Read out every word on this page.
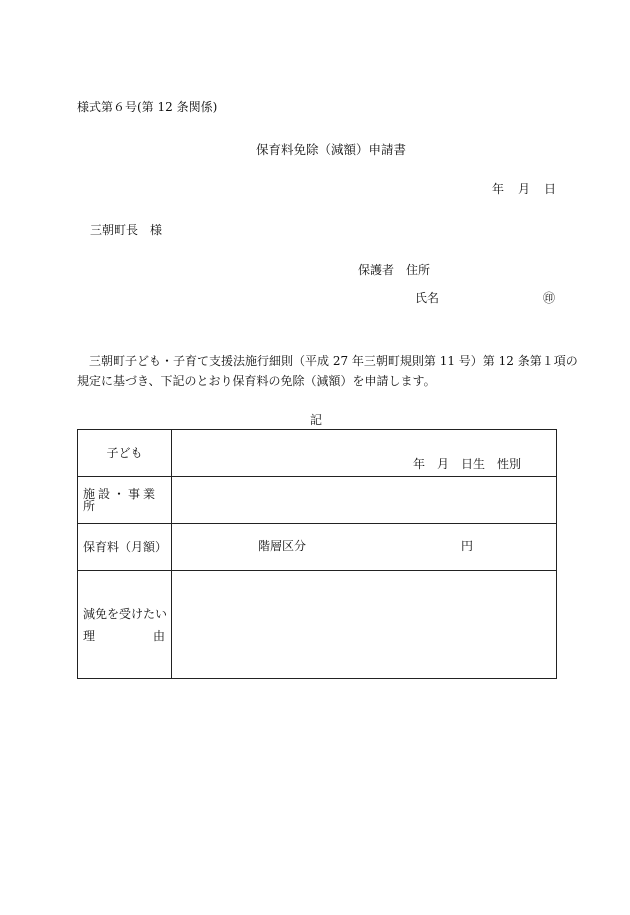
様式第６号(第 12 条関係)
保育料免除（減額）申請書
年 月 日
三朝町長　様
保護者　住所
氏名	㊞
三朝町子ども・子育て支援法施行細則（平成 27 年三朝町規則第 11 号）第 12 条第１項の
規定に基づき、下記のとおり保育料の免除（減額）を申請します。
記
子ども	年 月 日生 性別

施設・事業所	
保育料（月額）	階層区分 円

減免を受けたい
理 由	
